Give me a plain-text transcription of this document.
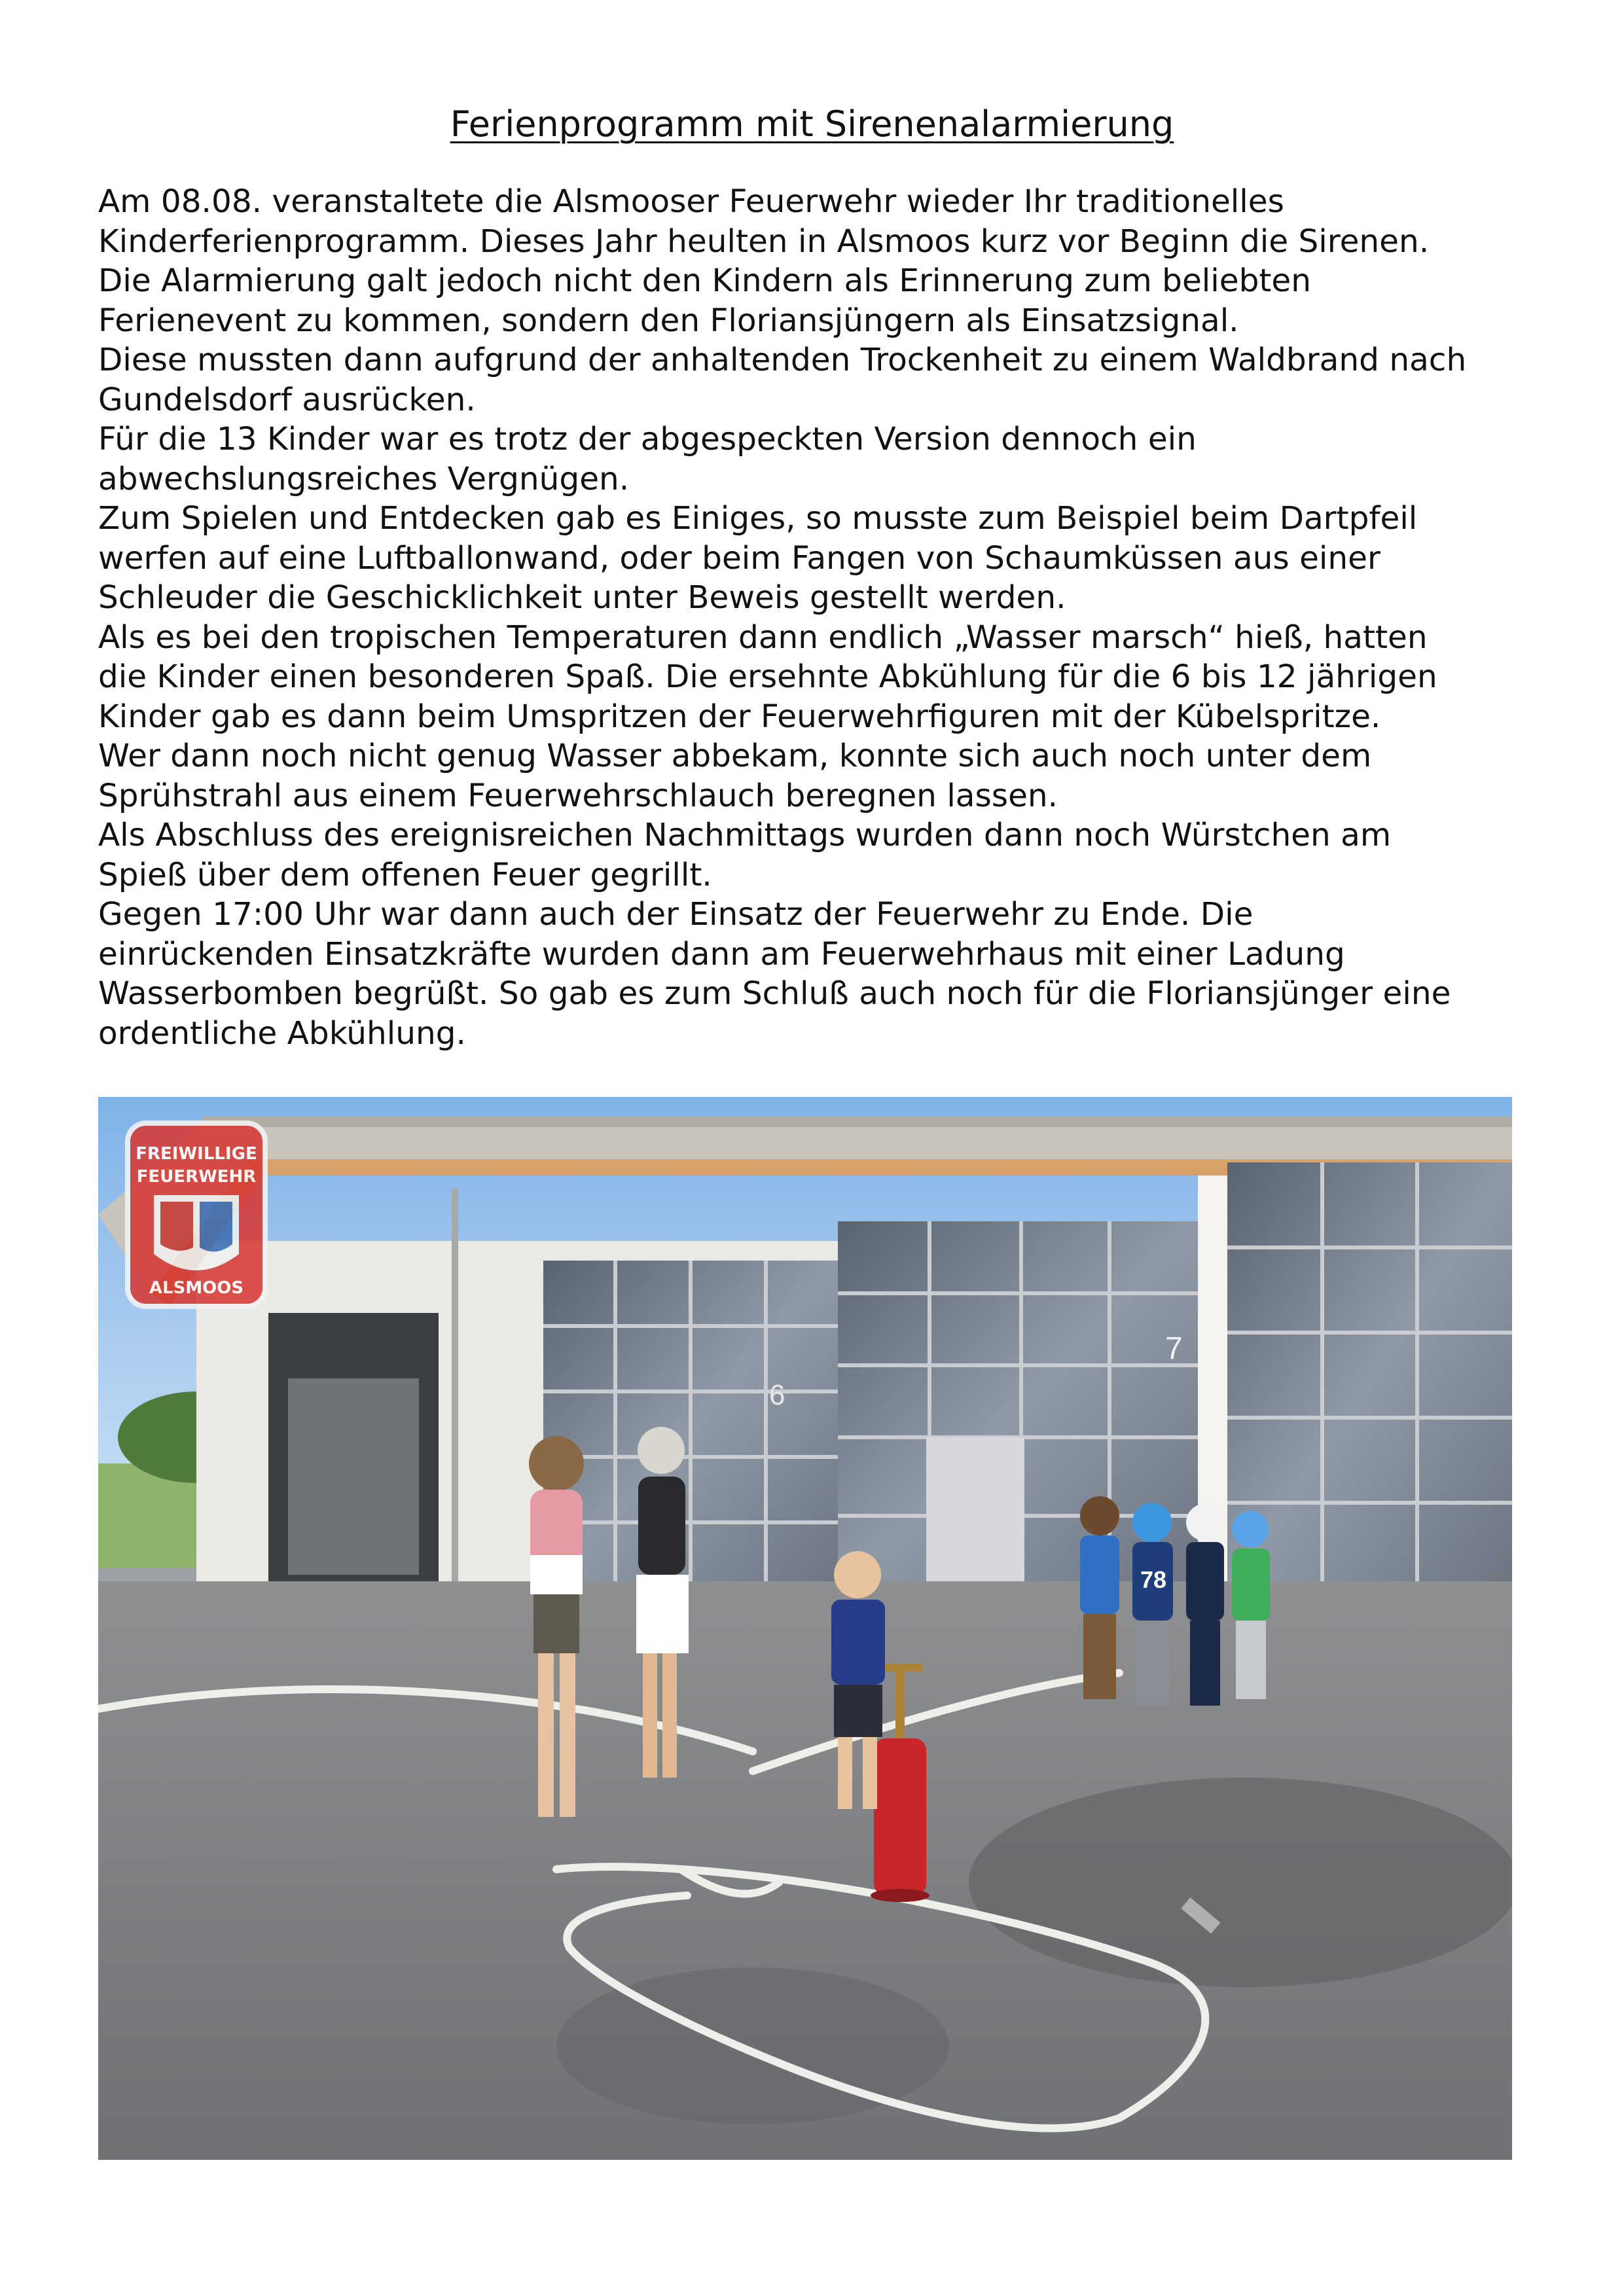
Ferienprogramm mit Sirenenalarmierung
Am 08.08. veranstaltete die Alsmooser Feuerwehr wieder Ihr traditionelles
Kinderferienprogramm. Dieses Jahr heulten in Alsmoos kurz vor Beginn die Sirenen.
Die Alarmierung galt jedoch nicht den Kindern als Erinnerung zum beliebten
Ferienevent zu kommen, sondern den Floriansjüngern als Einsatzsignal.
Diese mussten dann aufgrund der anhaltenden Trockenheit zu einem Waldbrand nach
Gundelsdorf ausrücken.
Für die 13 Kinder war es trotz der abgespeckten Version dennoch ein
abwechslungsreiches Vergnügen.
Zum Spielen und Entdecken gab es Einiges, so musste zum Beispiel beim Dartpfeil
werfen auf eine Luftballonwand, oder beim Fangen von Schaumküssen aus einer
Schleuder die Geschicklichkeit unter Beweis gestellt werden.
Als es bei den tropischen Temperaturen dann endlich „Wasser marsch“ hieß, hatten
die Kinder einen besonderen Spaß. Die ersehnte Abkühlung für die 6 bis 12 jährigen
Kinder gab es dann beim Umspritzen der Feuerwehrfiguren mit der Kübelspritze.
Wer dann noch nicht genug Wasser abbekam, konnte sich auch noch unter dem
Sprühstrahl aus einem Feuerwehrschlauch beregnen lassen.
Als Abschluss des ereignisreichen Nachmittags wurden dann noch Würstchen am
Spieß über dem offenen Feuer gegrillt.
Gegen 17:00 Uhr war dann auch der Einsatz der Feuerwehr zu Ende. Die
einrückenden Einsatzkräfte wurden dann am Feuerwehrhaus mit einer Ladung
Wasserbomben begrüßt. So gab es zum Schluß auch noch für die Floriansjünger eine
ordentliche Abkühlung.
6
7
78
FREIWILLIGE
FEUERWEHR
ALSMOOS
